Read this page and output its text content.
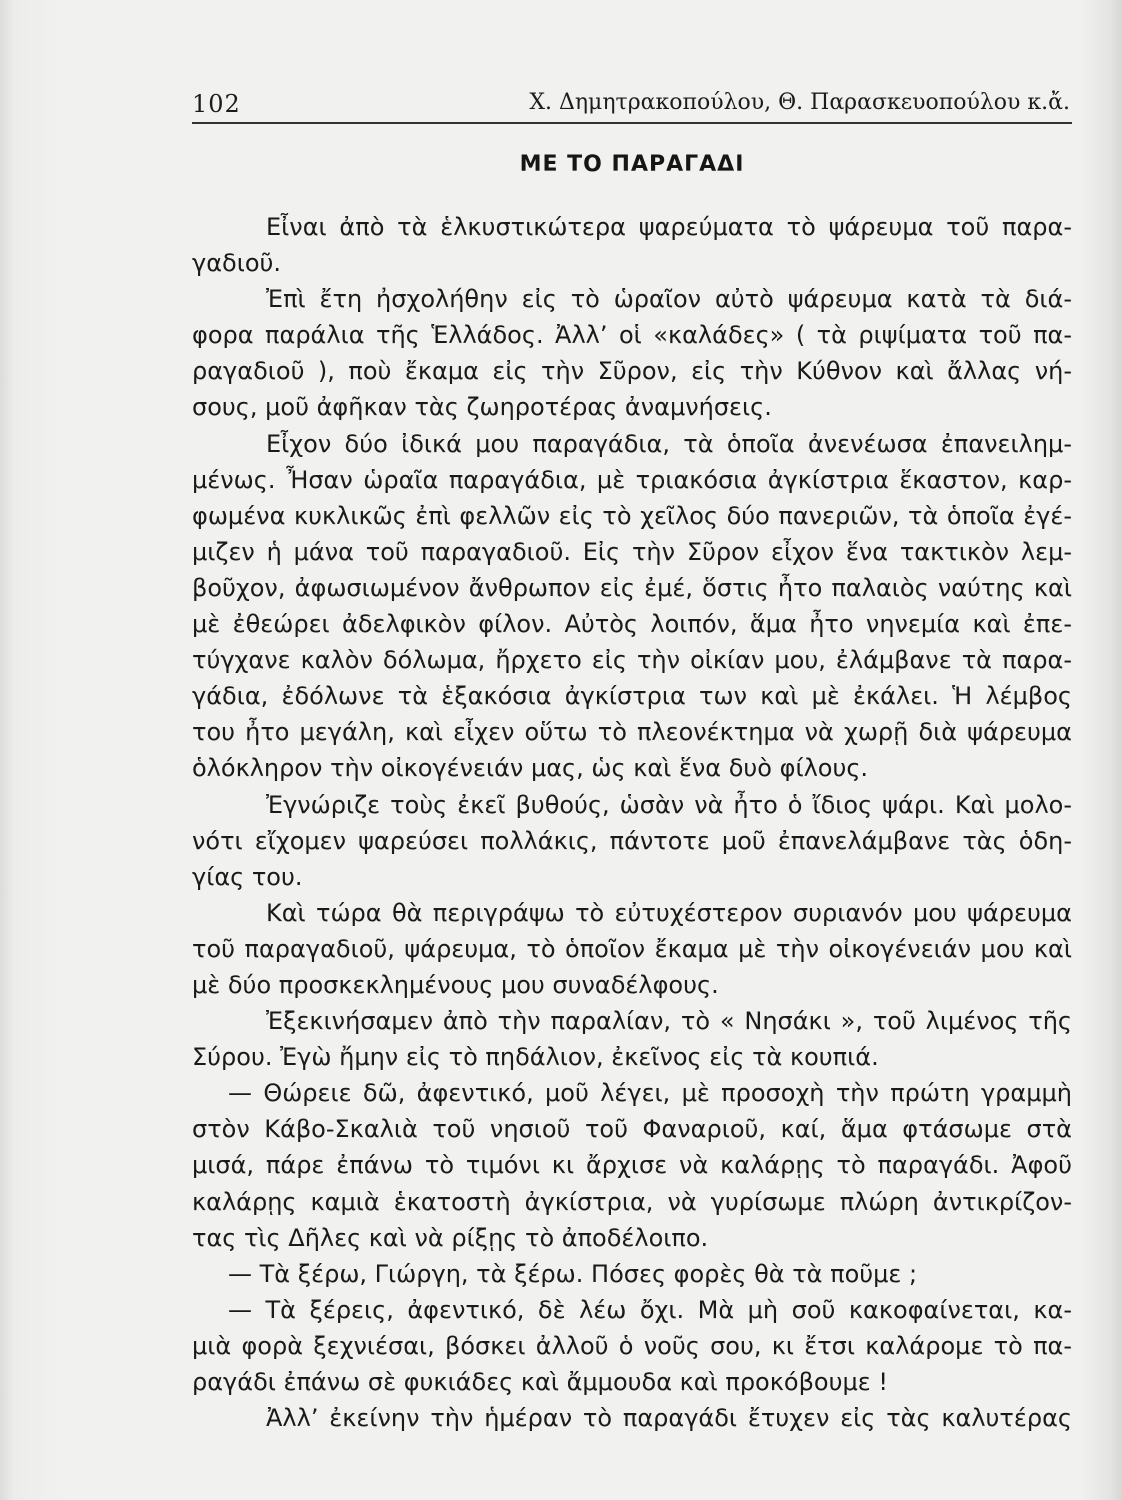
102	Χ. Δημητρακοπούλου, Θ. Παρασκευοπούλου κ.ἄ.
ΜΕ ΤΟ ΠΑΡΑΓΑΔΙ
Εἶναι ἀπὸ τὰ ἑλκυστικώτερα ψαρεύματα τὸ ψάρευμα τοῦ παρα-
γαδιοῦ.
Ἐπὶ ἔτη ἠσχολήθην εἰς τὸ ὡραῖον αὐτὸ ψάρευμα κατὰ τὰ διά-
φορα παράλια τῆς Ἑλλάδος. Ἀλλ’ οἱ «καλάδες» ( τὰ ριψίματα τοῦ πα-
ραγαδιοῦ ), ποὺ ἔκαμα εἰς τὴν Σῦρον, εἰς τὴν Κύθνον καὶ ἄλλας νή-
σους, μοῦ ἀφῆκαν τὰς ζωηροτέρας ἀναμνήσεις.
Εἶχον δύο ἰδικά μου παραγάδια, τὰ ὁποῖα ἀνενέωσα ἐπανειλημ-
μένως. Ἦσαν ὡραῖα παραγάδια, μὲ τριακόσια ἀγκίστρια ἕκαστον, καρ-
φωμένα κυκλικῶς ἐπὶ φελλῶν εἰς τὸ χεῖλος δύο πανεριῶν, τὰ ὁποῖα ἐγέ-
μιζεν ἡ μάνα τοῦ παραγαδιοῦ. Εἰς τὴν Σῦρον εἶχον ἕνα τακτικὸν λεμ-
βοῦχον, ἀφωσιωμένον ἄνθρωπον εἰς ἐμέ, ὅστις ἦτο παλαιὸς ναύτης καὶ
μὲ ἐθεώρει ἀδελφικὸν φίλον. Αὐτὸς λοιπόν, ἅμα ἦτο νηνεμία καὶ ἐπε-
τύγχανε καλὸν δόλωμα, ἤρχετο εἰς τὴν οἰκίαν μου, ἐλάμβανε τὰ παρα-
γάδια, ἐδόλωνε τὰ ἑξακόσια ἀγκίστρια των καὶ μὲ ἐκάλει. Ἡ λέμβος
του ἦτο μεγάλη, καὶ εἶχεν οὕτω τὸ πλεονέκτημα νὰ χωρῇ διὰ ψάρευμα
ὁλόκληρον τὴν οἰκογένειάν μας, ὡς καὶ ἕνα δυὸ φίλους.
Ἐγνώριζε τοὺς ἐκεῖ βυθούς, ὡσὰν νὰ ἦτο ὁ ἴδιος ψάρι. Καὶ μολο-
νότι εἴχομεν ψαρεύσει πολλάκις, πάντοτε μοῦ ἐπανελάμβανε τὰς ὁδη-
γίας του.
Καὶ τώρα θὰ περιγράψω τὸ εὐτυχέστερον συριανόν μου ψάρευμα
τοῦ παραγαδιοῦ, ψάρευμα, τὸ ὁποῖον ἔκαμα μὲ τὴν οἰκογένειάν μου καὶ
μὲ δύο προσκεκλημένους μου συναδέλφους.
Ἐξεκινήσαμεν ἀπὸ τὴν παραλίαν, τὸ « Νησάκι », τοῦ λιμένος τῆς
Σύρου. Ἐγὼ ἤμην εἰς τὸ πηδάλιον, ἐκεῖνος εἰς τὰ κουπιά.
— Θώρειε δῶ, ἀφεντικό, μοῦ λέγει, μὲ προσοχὴ τὴν πρώτη γραμμὴ
στὸν Κάβο-Σκαλιὰ τοῦ νησιοῦ τοῦ Φαναριοῦ, καί, ἅμα φτάσωμε στὰ
μισά, πάρε ἐπάνω τὸ τιμόνι κι ἄρχισε νὰ καλάρῃς τὸ παραγάδι. Ἀφοῦ
καλάρῃς καμιὰ ἑκατοστὴ ἀγκίστρια, νὰ γυρίσωμε πλώρη ἀντικρίζον-
τας τὶς Δῆλες καὶ νὰ ρίξῃς τὸ ἀποδέλοιπο.
— Τὰ ξέρω, Γιώργη, τὰ ξέρω. Πόσες φορὲς θὰ τὰ ποῦμε ;
— Τὰ ξέρεις, ἀφεντικό, δὲ λέω ὄχι. Μὰ μὴ σοῦ κακοφαίνεται, κα-
μιὰ φορὰ ξεχνιέσαι, βόσκει ἀλλοῦ ὁ νοῦς σου, κι ἔτσι καλάρομε τὸ πα-
ραγάδι ἐπάνω σὲ φυκιάδες καὶ ἄμμουδα καὶ προκόβουμε !
Ἀλλ’ ἐκείνην τὴν ἡμέραν τὸ παραγάδι ἔτυχεν εἰς τὰς καλυτέρας
